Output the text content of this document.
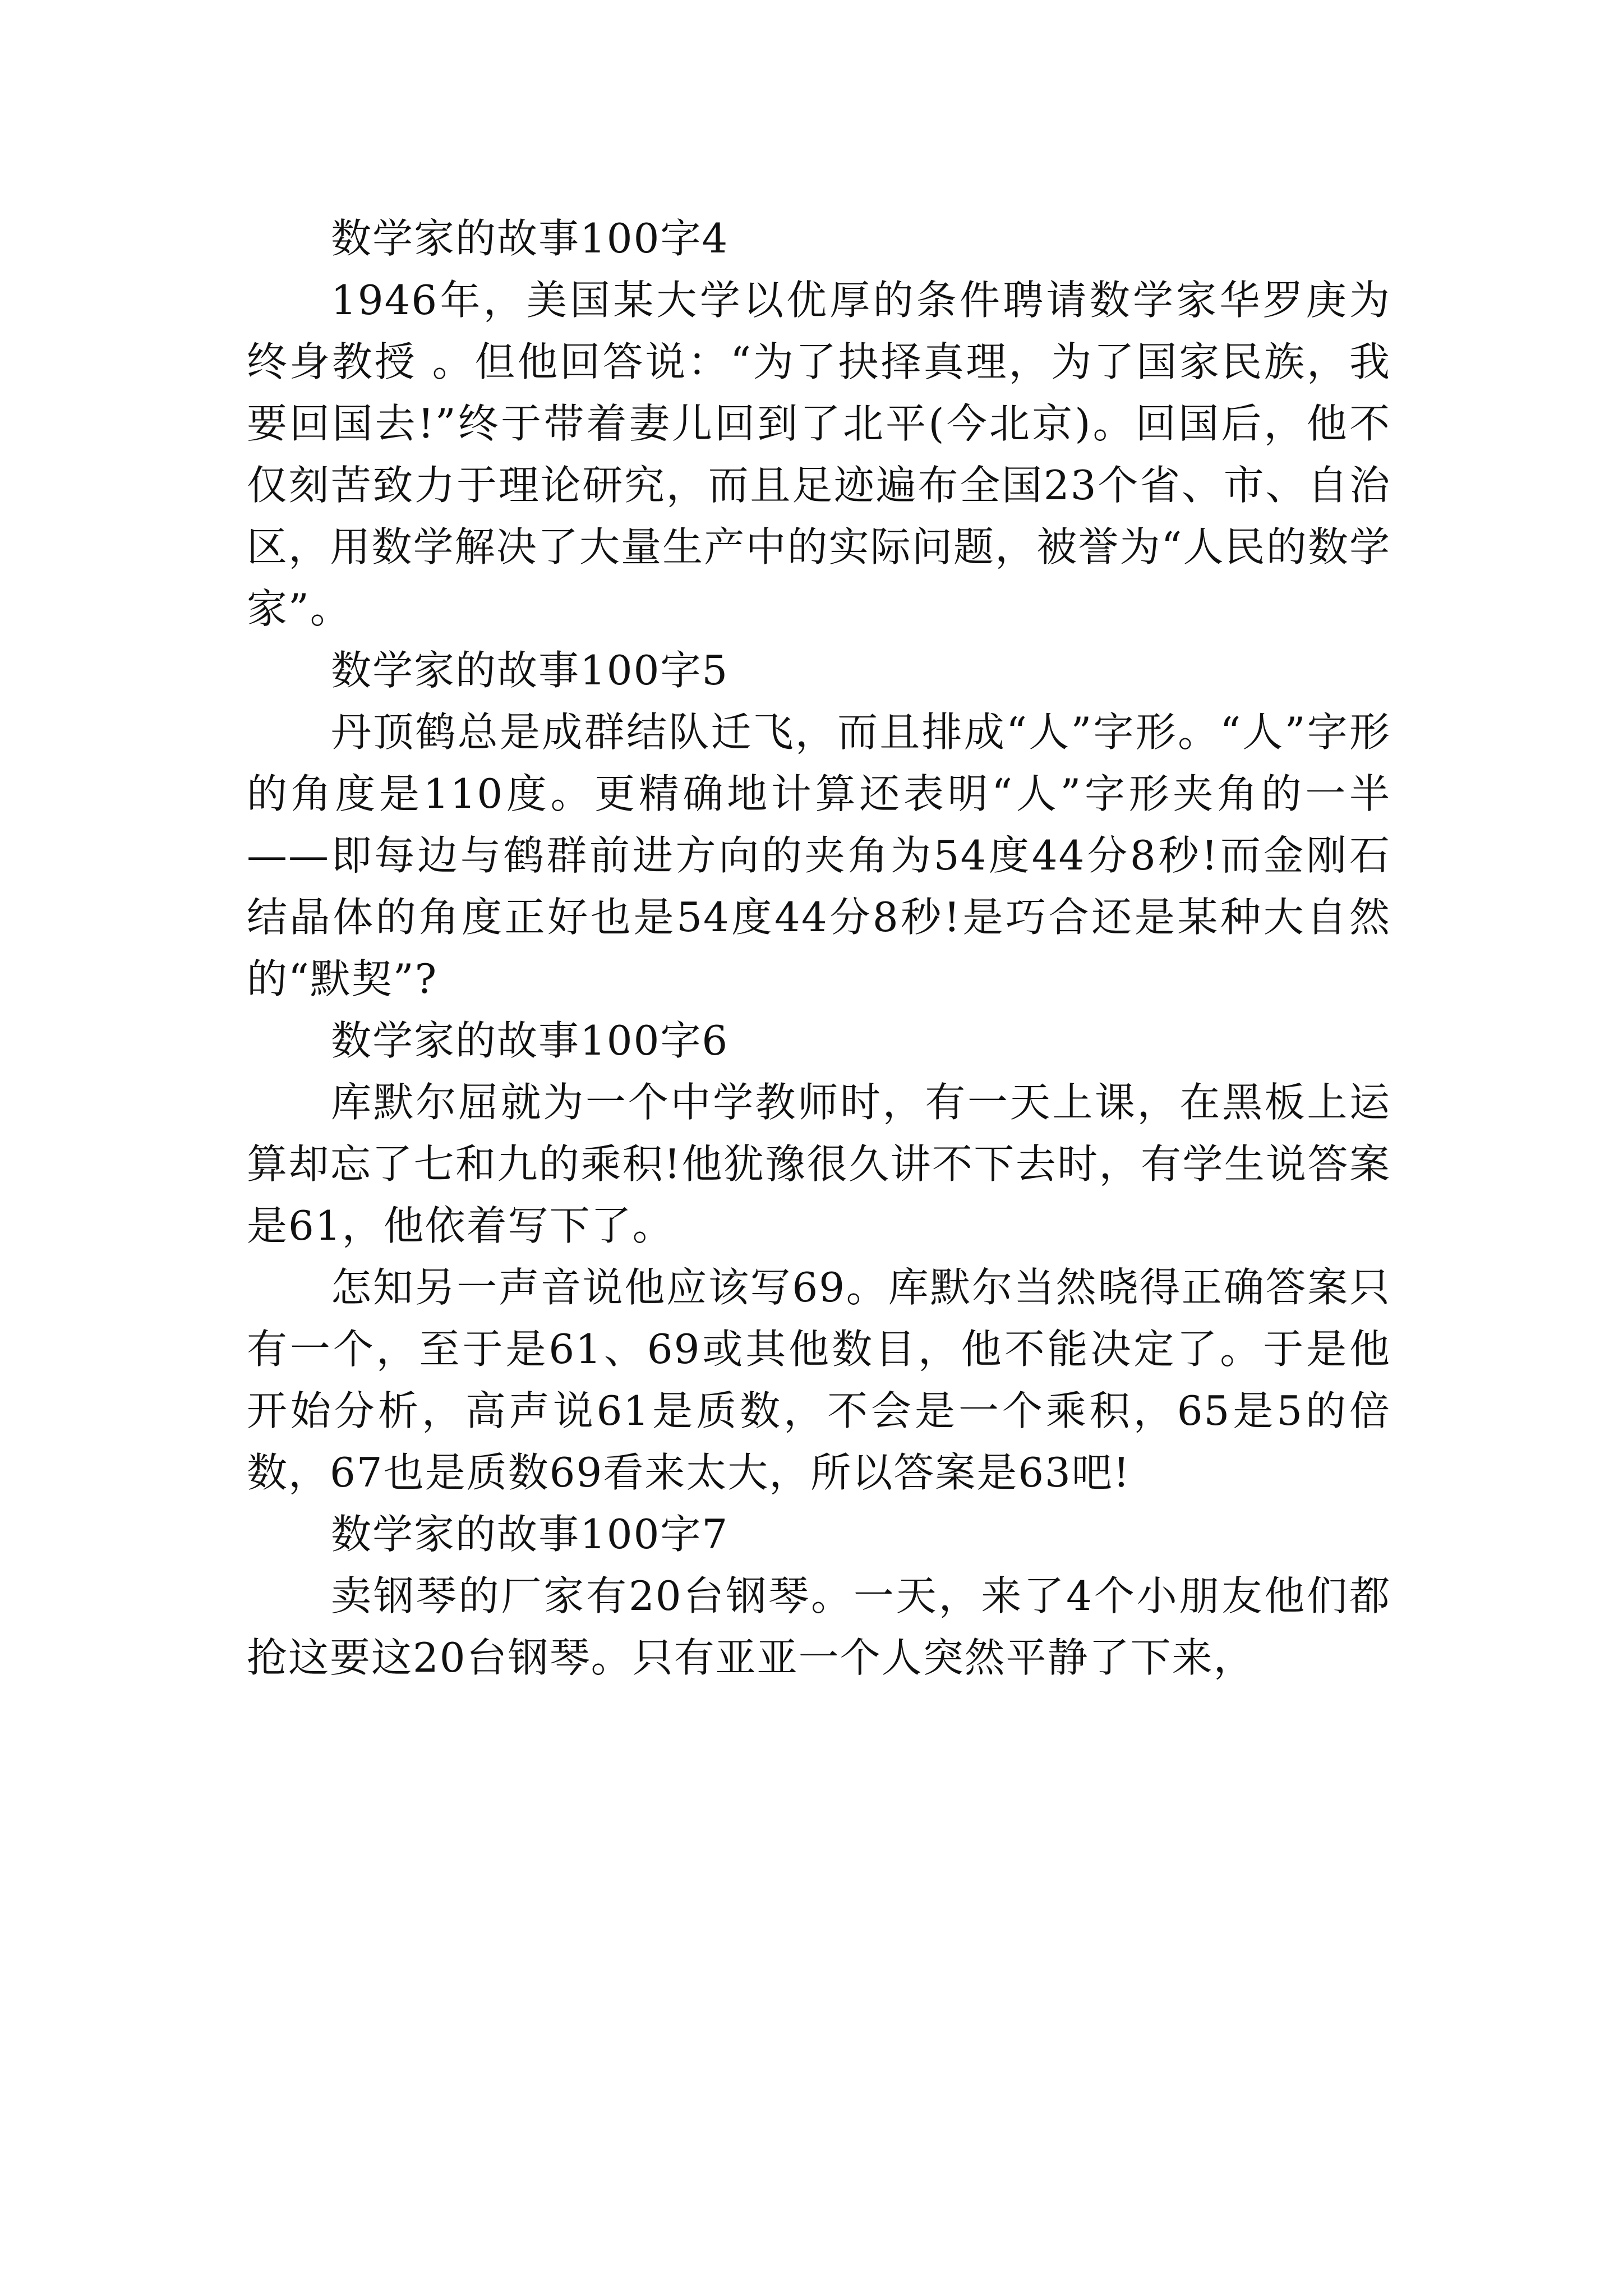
数学家的故事100字4

1946年，美国某大学以优厚的条件聘请数学家华罗庚为终身教授 。但他回答说：“为了抉择真理，为了国家民族，我要回国去!”终于带着妻儿回到了北平(今北京)。回国后，他不仅刻苦致力于理论研究，而且足迹遍布全国23个省、市、自治区，用数学解决了大量生产中的实际问题，被誉为“人民的数学家”。

数学家的故事100字5

丹顶鹤总是成群结队迁飞，而且排成“人”字形。“人”字形的角度是110度。更精确地计算还表明“人”字形夹角的一半——即每边与鹤群前进方向的夹角为54度44分8秒!而金刚石结晶体的角度正好也是54度44分8秒!是巧合还是某种大自然的“默契”?

数学家的故事100字6

库默尔屈就为一个中学教师时，有一天上课，在黑板上运算却忘了七和九的乘积!他犹豫很久讲不下去时，有学生说答案是61，他依着写下了。

怎知另一声音说他应该写69。库默尔当然晓得正确答案只有一个，至于是61、69或其他数目，他不能决定了。于是他开始分析，高声说61是质数，不会是一个乘积，65是5的倍数，67也是质数69看来太大，所以答案是63吧!

数学家的故事100字7

卖钢琴的厂家有20台钢琴。一天，来了4个小朋友他们都抢这要这20台钢琴。只有亚亚一个人突然平静了下来，
